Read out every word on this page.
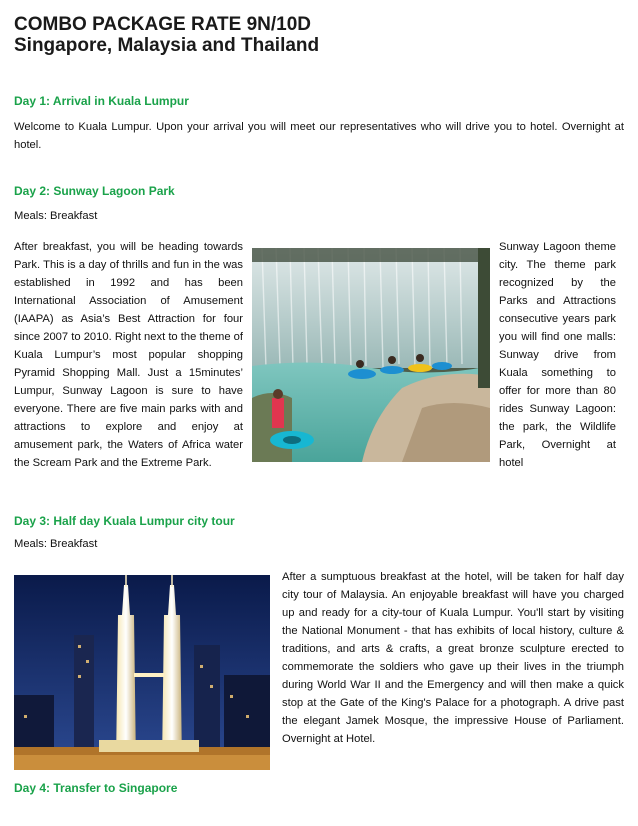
COMBO PACKAGE RATE 9N/10D
Singapore, Malaysia and Thailand
Day 1: Arrival in Kuala Lumpur
Welcome to Kuala Lumpur. Upon your arrival you will meet our representatives who will drive you to hotel. Overnight at hotel.
Day 2: Sunway Lagoon Park
Meals: Breakfast
After breakfast, you will be heading towards Park. This is a day of thrills and fun in the was established in 1992 and has been International Association of Amusement (IAAPA) as Asia’s Best Attraction for four since 2007 to 2010. Right next to the theme of Kuala Lumpur’s most popular shopping Pyramid Shopping Mall. Just a 15minutes’ Lumpur, Sunway Lagoon is sure to have everyone. There are five main parks with and attractions to explore and enjoy at amusement park, the Waters of Africa water the Scream Park and the Extreme Park.
Sunway Lagoon theme city. The theme park recognized by the Parks and Attractions consecutive years park you will find one malls: Sunway drive from Kuala something to offer for more than 80 rides Sunway Lagoon: the park, the Wildlife Park, Overnight at hotel
Day 3: Half day Kuala Lumpur city tour
Meals: Breakfast
After a sumptuous breakfast at the hotel, will be taken for half day city tour of Malaysia. An enjoyable breakfast will have you charged up and ready for a city-tour of Kuala Lumpur. You'll start by visiting the National Monument - that has exhibits of local history, culture & traditions, and arts & crafts, a great bronze sculpture erected to commemorate the soldiers who gave up their lives in the triumph during World War II and the Emergency and will then make a quick stop at the Gate of the King's Palace for a photograph. A drive past the elegant Jamek Mosque, the impressive House of Parliament. Overnight at Hotel.
Day 4: Transfer to Singapore
